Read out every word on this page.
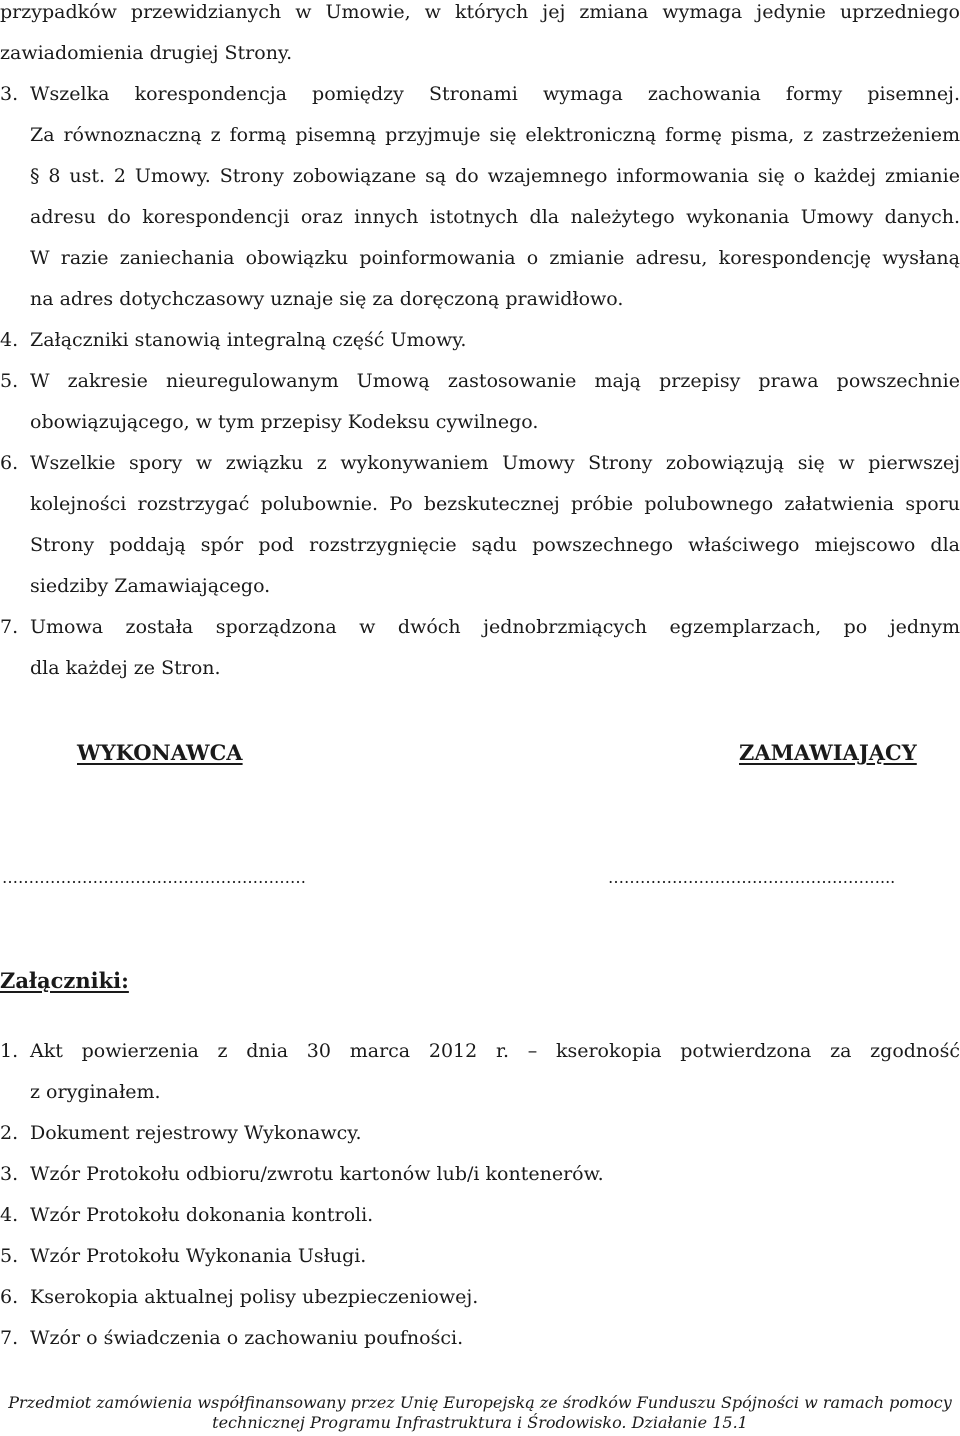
przypadków przewidzianych w Umowie, w których jej zmiana wymaga jedynie uprzedniego
zawiadomienia drugiej Strony.
3. Wszelka korespondencja pomiędzy Stronami wymaga zachowania formy pisemnej.
Za równoznaczną z formą pisemną przyjmuje się elektroniczną formę pisma, z zastrzeżeniem
§ 8 ust. 2 Umowy. Strony zobowiązane są do wzajemnego informowania się o każdej zmianie
adresu do korespondencji oraz innych istotnych dla należytego wykonania Umowy danych.
W razie zaniechania obowiązku poinformowania o zmianie adresu, korespondencję wysłaną
na adres dotychczasowy uznaje się za doręczoną prawidłowo.
4. Załączniki stanowią integralną część Umowy.
5. W zakresie nieuregulowanym Umową zastosowanie mają przepisy prawa powszechnie
obowiązującego, w tym przepisy Kodeksu cywilnego.
6. Wszelkie spory w związku z wykonywaniem Umowy Strony zobowiązują się w pierwszej
kolejności rozstrzygać polubownie. Po bezskutecznej próbie polubownego załatwienia sporu
Strony poddają spór pod rozstrzygnięcie sądu powszechnego właściwego miejscowo dla
siedziby Zamawiającego.
7. Umowa została sporządzona w dwóch jednobrzmiących egzemplarzach, po jednym
dla każdej ze Stron.
WYKONAWCA	ZAMAWIAJĄCY
…………………………………………………	……………………………………………...
Załączniki:
1. Akt powierzenia z dnia 30 marca 2012 r. – kserokopia potwierdzona za zgodność
z oryginałem.
2. Dokument rejestrowy Wykonawcy.
3. Wzór Protokołu odbioru/zwrotu kartonów lub/i kontenerów.
4. Wzór Protokołu dokonania kontroli.
5. Wzór Protokołu Wykonania Usługi.
6. Kserokopia aktualnej polisy ubezpieczeniowej.
7. Wzór o świadczenia o zachowaniu poufności.
Przedmiot zamówienia współfinansowany przez Unię Europejską ze środków Funduszu Spójności w ramach pomocy
technicznej Programu Infrastruktura i Środowisko. Działanie 15.1
